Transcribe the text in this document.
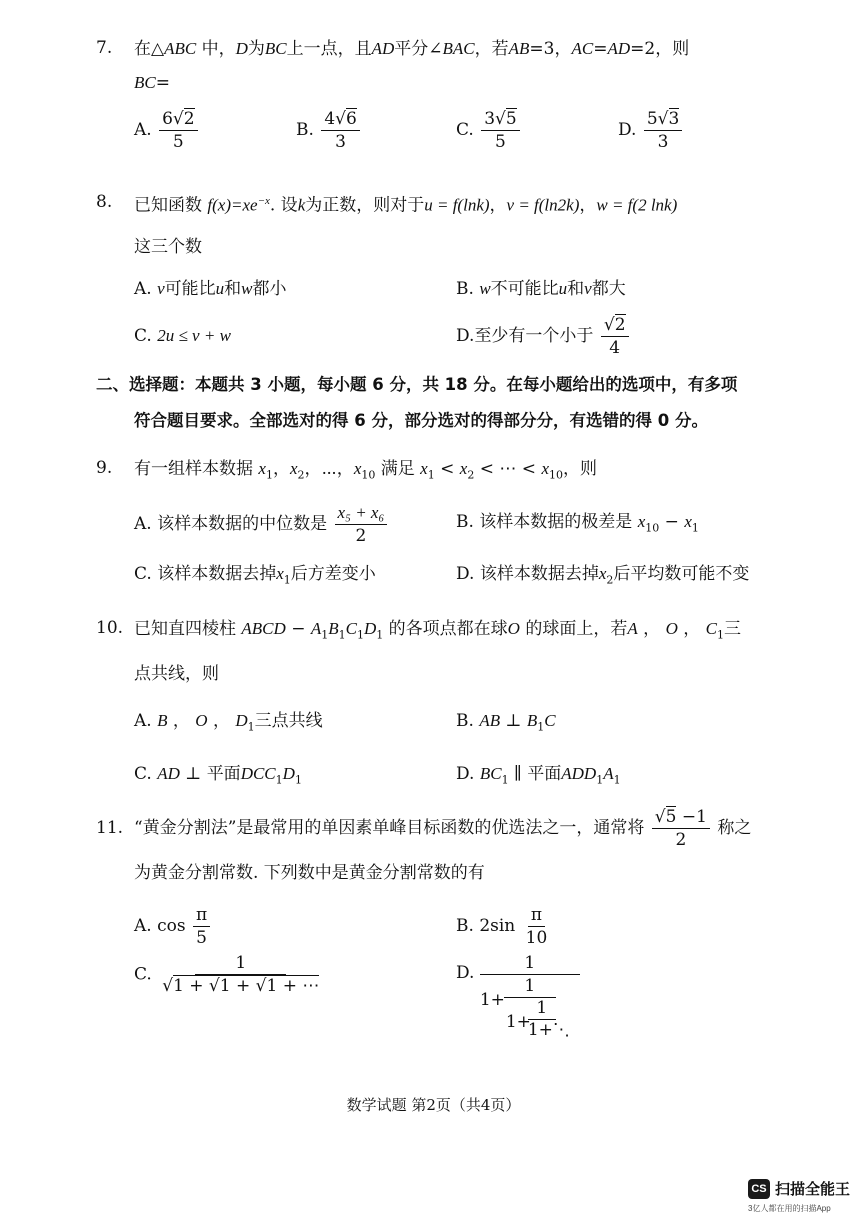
7. 在△ABC 中，D为BC上一点，且AD平分∠BAC，若AB=3，AC=AD=2，则
BC=
A. $\frac{6√2}{5}$	B. $\frac{4√6}{3}$	C. $\frac{3√5}{5}$	D. $\frac{5√3}{3}$
8. 已知函数 $f(x)=xe^{-x}$. 设k为正数，则对于u = f(lnk)，v = f(ln2k)，w = f(2 lnk)
这三个数
A. v可能比u和w都小	B. w不可能比u和v都大
C. 2u ≤ v + w	D.至少有一个小于 $\frac{√2}{4}$
二、选择题：本题共 3 小题，每小题 6 分，共 18 分。在每小题给出的选项中，有多项
符合题目要求。全部选对的得 6 分，部分选对的得部分分，有选错的得 0 分。
9. 有一组样本数据 $x_1$，$x_2$，⋯，$x_{10}$ 满足 $x_1 < x_2$ < ⋯ < $x_{10}$，则
A. 该样本数据的中位数是 $\frac{\text{x₅ + x₆}}{2}$	B. 该样本数据的极差是 $x_{10} - x_1$
C. 该样本数据去掉$x_1$后方差变小	D. 该样本数据去掉$x_2$后平均数可能不变
10. 已知直四棱柱 ABCD − $A_1B_1C_1D_1$ 的各项点都在球O 的球面上，若A ， O ， $C_1$三
点共线，则
A. B ， O ， $D_1$三点共线	B. AB ⊥ $B_1C$
C. AD ⊥ 平面$DCC_1D_1$	D. $BC_1$ ∥ 平面$ADD_1A_1$
11. “黄金分割法”是最常用的单因素单峰目标函数的优选法之一，通常将 $\frac{√5 -1}{2}$ 称之
为黄金分割常数. 下列数中是黄金分割常数的有
A. $\cos \frac{\pi}{5}$	B. $2\sin \frac{\pi}{10}$
C. $\frac{1}{√1 + √1 + √1 + \cdots}$	D. 1
1+
1
1+
1
1+⋱
数学试题 第2页（共4页）
CS 扫描全能王
3亿人都在用的扫描App
